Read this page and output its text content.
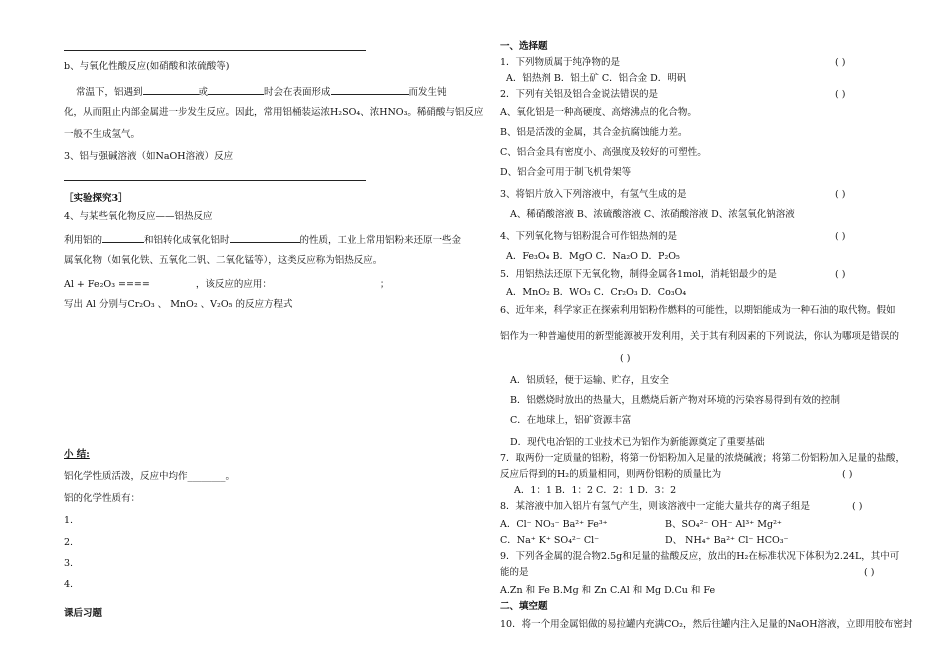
b、与氧化性酸反应(如硝酸和浓硫酸等)
常温下，铝遇到	或	时会在表面形成	而发生钝
化，从而阻止内部金属进一步发生反应。因此，常用铝桶装运浓H₂SO₄、浓HNO₃。稀硝酸与铝反应
一般不生成氢气。
3、铝与强碱溶液（如NaOH溶液）反应
［实验探究3］
4、与某些氧化物反应——铝热反应
利用铝的	和铝转化成氧化铝时	的性质，工业上常用铝粉来还原一些金
属氧化物（如氧化铁、五氧化二钒、二氧化锰等），这类反应称为铝热反应。
Al + Fe₂O₃ ====	，该反应的应用：	；
写出 Al 分别与Cr₂O₃ 、 MnO₂ 、V₂O₅ 的反应方程式
小 结:
铝化学性质活泼，反应中均作________。
铝的化学性质有：
1.
2.
3.
4.
课后习题
一、选择题
1．下列物质属于纯净物的是	( )
A．铝热剂 B．铝土矿 C．铝合金 D．明矾
2．下列有关铝及铝合金说法错误的是	( )
A、氧化铝是一种高硬度、高熔沸点的化合物。
B、铝是活泼的金属，其合金抗腐蚀能力差。
C、铝合金具有密度小、高强度及较好的可塑性。
D、铝合金可用于制飞机骨架等
3、将铝片放入下列溶液中，有氢气生成的是	( )
A、稀硝酸溶液 B、浓硫酸溶液 C、浓硝酸溶液 D、浓氢氧化钠溶液
4、下列氧化物与铝粉混合可作铝热剂的是	( )
A．Fe₃O₄ B．MgO C．Na₂O D．P₂O₅
5．用铝热法还原下无氧化物，制得金属各1mol，消耗铝最少的是	( )
A．MnO₂ B．WO₃ C．Cr₂O₃ D．Co₃O₄
6、近年来，科学家正在探索利用铝粉作燃料的可能性，以期铝能成为一种石油的取代物。假如
铝作为一种普遍使用的新型能源被开发利用，关于其有利因素的下列说法，你认为哪项是错误的
( )
A．铝质轻，便于运输、贮存，且安全
B．铝燃烧时放出的热量大，且燃烧后新产物对环境的污染容易得到有效的控制
C．在地球上，铝矿资源丰富
D．现代电冶铝的工业技术已为铝作为新能源奠定了重要基础
7．取两份一定质量的铝粉，将第一份铝粉加入足量的浓烧碱液；将第二份铝粉加入足量的盐酸，
反应后得到的H₂的质量相同，则两份铝粉的质量比为	( )
A．1：1 B．1：2 C．2：1 D．3：2
8．某溶液中加入铝片有氢气产生，则该溶液中一定能大量共存的离子组是	( )
A．Cl⁻ NO₃⁻ Ba²⁺ Fe³⁺	B、SO₄²⁻ OH⁻ Al³⁺ Mg²⁺
C．Na⁺ K⁺ SO₄²⁻ Cl⁻	D、 NH₄⁺ Ba²⁺ Cl⁻ HCO₃⁻
9．下列各金属的混合物2.5g和足量的盐酸反应，放出的H₂在标准状况下体积为2.24L，其中可
能的是	( )
A.Zn 和 Fe B.Mg 和 Zn C.Al 和 Mg D.Cu 和 Fe
二、填空题
10．将一个用金属铝做的易拉罐内充满CO₂，然后往罐内注入足量的NaOH溶液，立即用胶布密封
